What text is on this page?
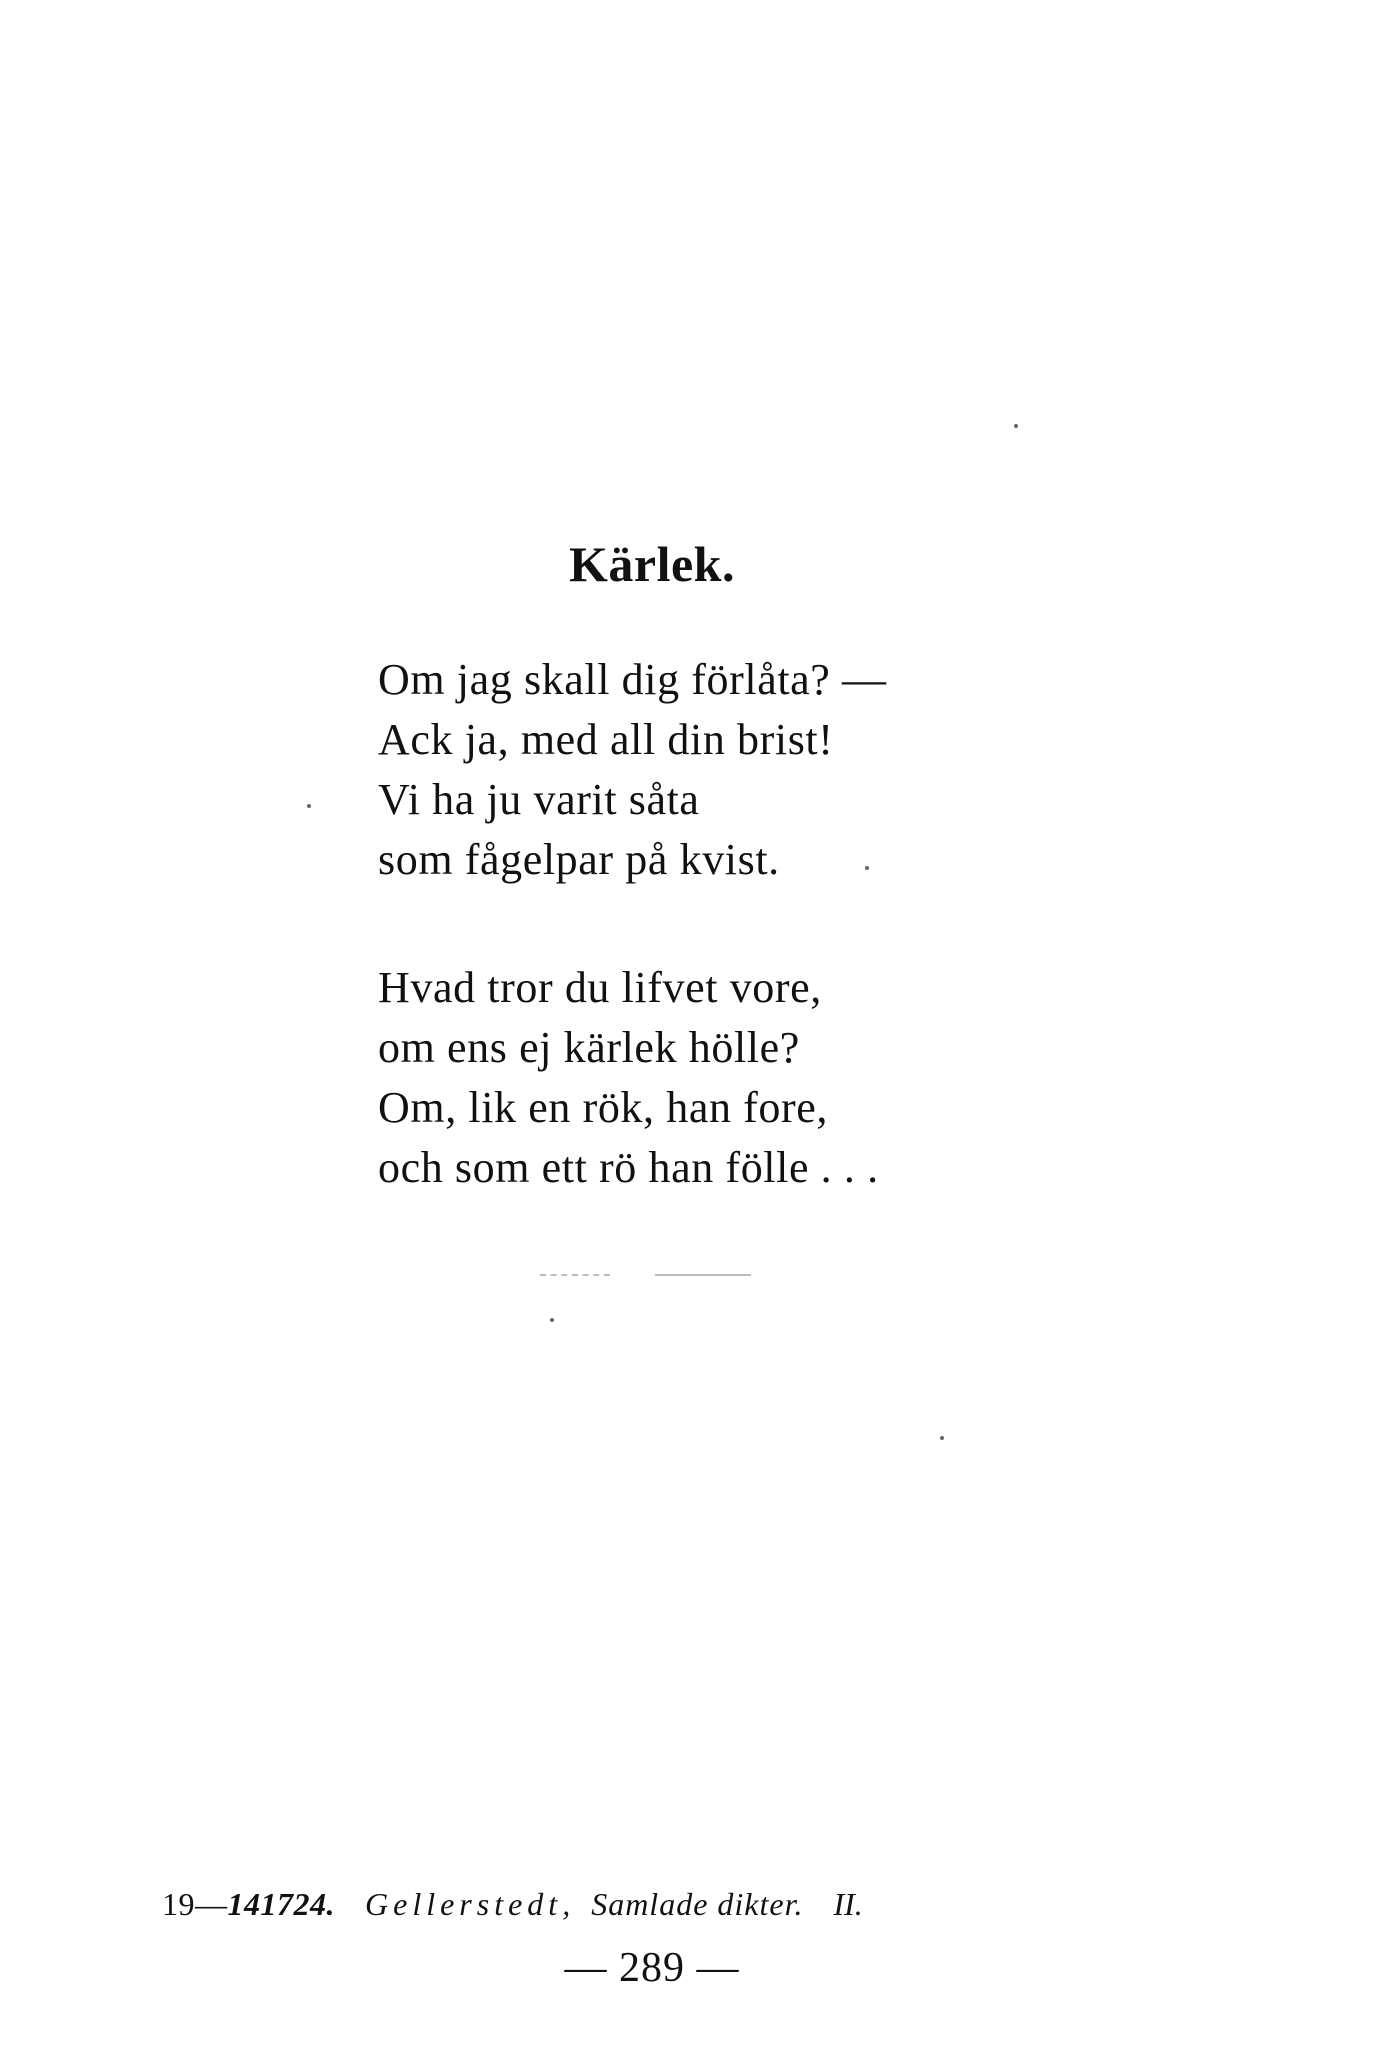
Kärlek.
Om jag skall dig förlåta? —
Ack ja, med all din brist!
Vi ha ju varit såta
som fågelpar på kvist.
Hvad tror du lifvet vore,
om ens ej kärlek hölle?
Om, lik en rök, han fore,
och som ett rö han fölle . . .
19—141724. Gellerstedt, Samlade dikter. II.
— 289 —
